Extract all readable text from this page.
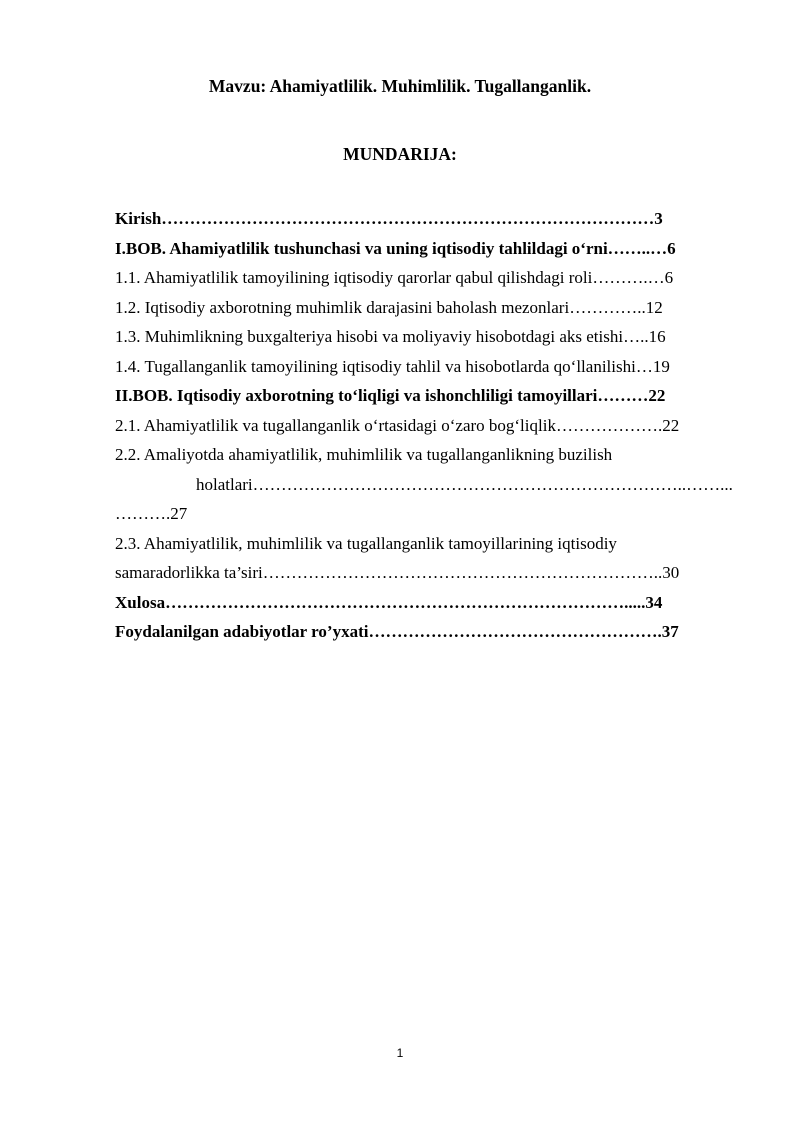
Mavzu: Ahamiyatlilik. Muhimlilik. Tugallanganlik.
MUNDARIJA:
Kirish……………………………………………………………………………3
I.BOB. Ahamiyatlilik tushunchasi va uning iqtisodiy tahlildagi o‘rni……..…6
1.1. Ahamiyatlilik tamoyilining iqtisodiy qarorlar qabul qilishdagi roli……….…6
1.2. Iqtisodiy axborotning muhimlik darajasini baholash mezonlari…………..12
1.3. Muhimlikning buxgalteriya hisobi va moliyaviy hisobotdagi aks etishi…..16
1.4. Tugallanganlik tamoyilining iqtisodiy tahlil va hisobotlarda qo‘llanilishi…19
II.BOB. Iqtisodiy axborotning to‘liqligi va ishonchliligi tamoyillari………22
2.1. Ahamiyatlilik va tugallanganlik o‘rtasidagi o‘zaro bog‘liqlik……………….22
2.2. Amaliyotda ahamiyatlilik, muhimlilik va tugallanganlikning buzilish
holatlari…………………………………………………………………..……...
……….27
2.3. Ahamiyatlilik, muhimlilik va tugallanganlik tamoyillarining iqtisodiy
samaradorlikka ta’siri……………………………………………………………..30
Xulosa……………………………………………………………………….....34
Foydalanilgan adabiyotlar ro’yxati…………………………………………….37
1
